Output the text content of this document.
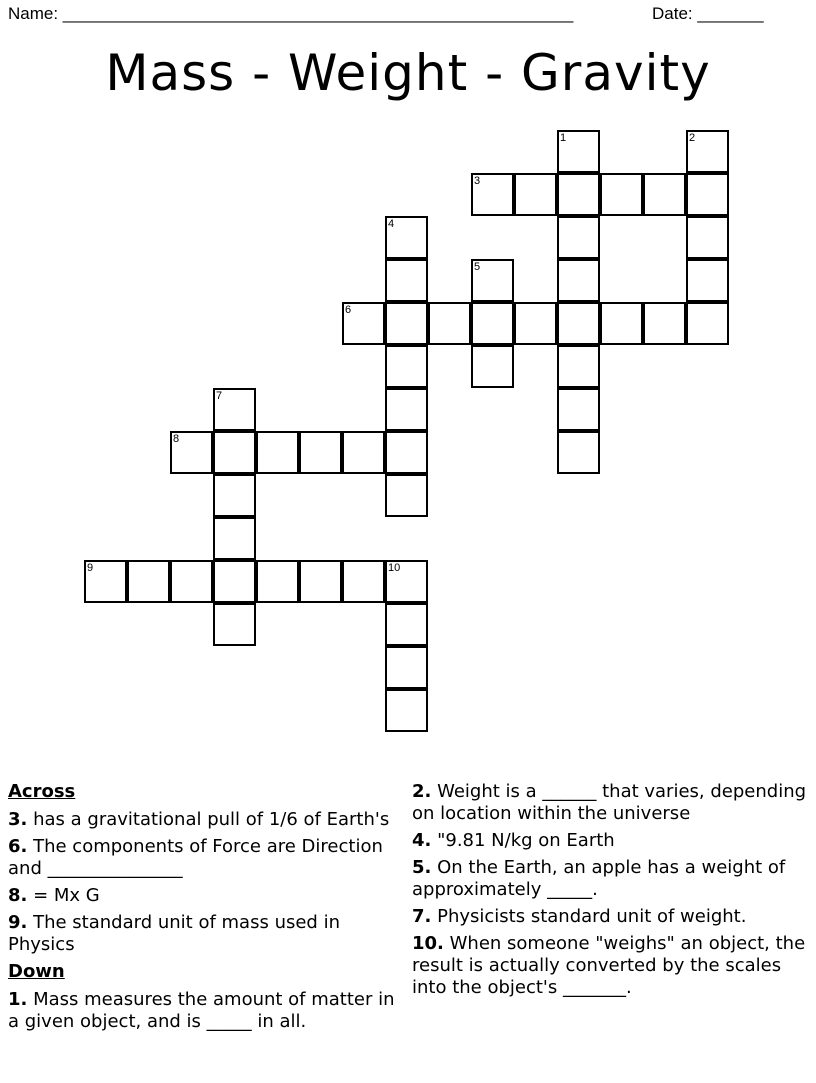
Name: ______________________________________________________	Date: _______
Mass - Weight - Gravity
1	2
3
4
5
6
7
8
9	10
Across
3. has a gravitational pull of 1/6 of Earth's
6. The components of Force are Direction and _______________
8. = Mx G
9. The standard unit of mass used in Physics
Down
1. Mass measures the amount of matter in a given object, and is _____ in all.
2. Weight is a ______ that varies, depending on location within the universe
4. "9.81 N/kg on Earth
5. On the Earth, an apple has a weight of approximately _____.
7. Physicists standard unit of weight.
10. When someone "weighs" an object, the result is actually converted by the scales into the object's _______.
